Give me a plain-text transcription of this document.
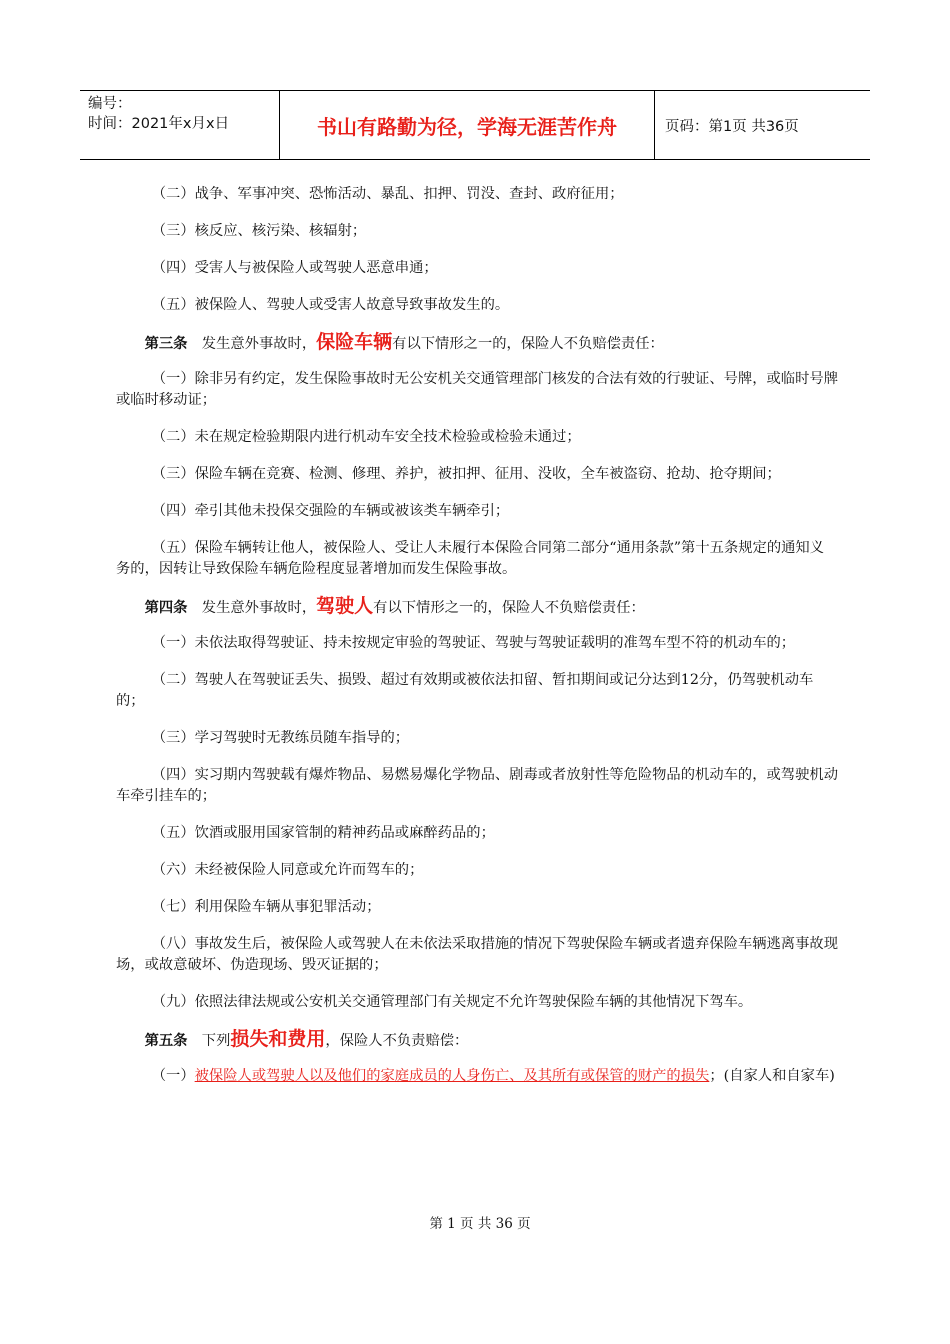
编号：
时间：2021年x月x日	书山有路勤为径，学海无涯苦作舟	页码：第1页 共36页

（二）战争、军事冲突、恐怖活动、暴乱、扣押、罚没、查封、政府征用；

（三）核反应、核污染、核辐射；

（四）受害人与被保险人或驾驶人恶意串通；

（五）被保险人、驾驶人或受害人故意导致事故发生的。

第三条　 发生意外事故时，保险车辆有以下情形之一的，保险人不负赔偿责任：

（一）除非另有约定，发生保险事故时无公安机关交通管理部门核发的合法有效的行驶证、号牌，或临时号牌或临时移动证；

（二）未在规定检验期限内进行机动车安全技术检验或检验未通过；

（三）保险车辆在竞赛、检测、修理、养护，被扣押、征用、没收，全车被盗窃、抢劫、抢夺期间；

（四）牵引其他未投保交强险的车辆或被该类车辆牵引；

（五）保险车辆转让他人，被保险人、受让人未履行本保险合同第二部分“通用条款”第十五条规定的通知义务的，因转让导致保险车辆危险程度显著增加而发生保险事故。

第四条　 发生意外事故时，驾驶人有以下情形之一的，保险人不负赔偿责任：

（一）未依法取得驾驶证、持未按规定审验的驾驶证、驾驶与驾驶证载明的准驾车型不符的机动车的；

（二）驾驶人在驾驶证丢失、损毁、超过有效期或被依法扣留、暂扣期间或记分达到12分，仍驾驶机动车的；

（三）学习驾驶时无教练员随车指导的；

（四）实习期内驾驶载有爆炸物品、易燃易爆化学物品、剧毒或者放射性等危险物品的机动车的，或驾驶机动车牵引挂车的；

（五）饮酒或服用国家管制的精神药品或麻醉药品的；

（六）未经被保险人同意或允许而驾车的；

（七）利用保险车辆从事犯罪活动；

（八）事故发生后，被保险人或驾驶人在未依法采取措施的情况下驾驶保险车辆或者遗弃保险车辆逃离事故现场，或故意破坏、伪造现场、毁灭证据的；

（九）依照法律法规或公安机关交通管理部门有关规定不允许驾驶保险车辆的其他情况下驾车。

第五条　 下列损失和费用，保险人不负责赔偿：

（一）被保险人或驾驶人以及他们的家庭成员的人身伤亡、及其所有或保管的财产的损失；(自家人和自家车)

第 1 页 共 36 页
